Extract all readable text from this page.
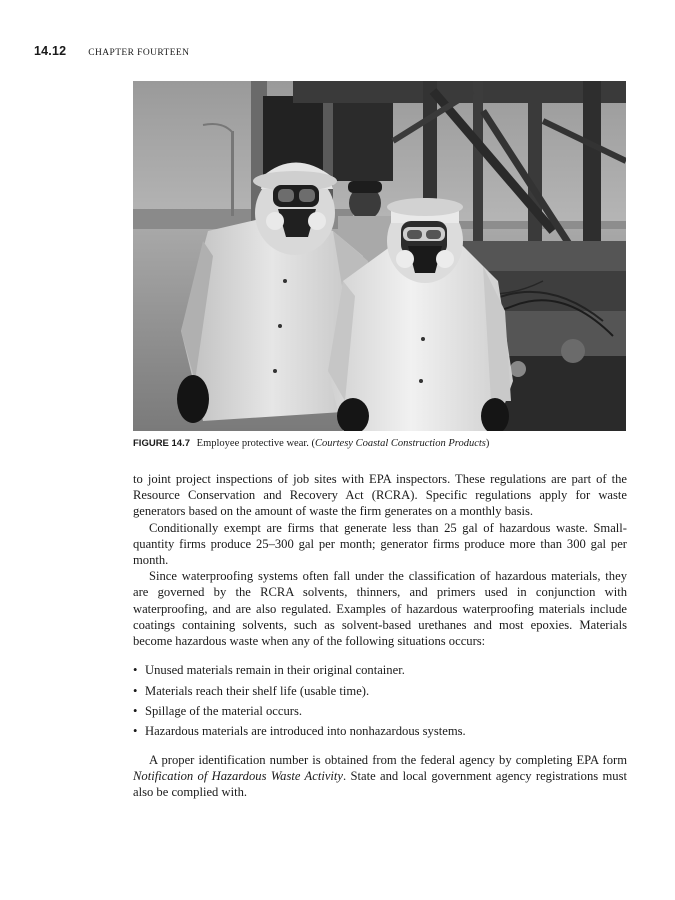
14.12 CHAPTER FOURTEEN
FIGURE 14.7 Employee protective wear. (Courtesy Coastal Construction Products)

to joint project inspections of job sites with EPA inspectors. These regulations are part of the Resource Conservation and Recovery Act (RCRA). Specific regulations apply for waste generators based on the amount of waste the firm generates on a monthly basis.

Conditionally exempt are firms that generate less than 25 gal of hazardous waste. Small-quantity firms produce 25–300 gal per month; generator firms produce more than 300 gal per month.

Since waterproofing systems often fall under the classification of hazardous materials, they are governed by the RCRA solvents, thinners, and primers used in conjunction with waterproofing, and are also regulated. Examples of hazardous waterproofing materials include coatings containing solvents, such as solvent-based urethanes and most epoxies. Materials become hazardous waste when any of the following situations occurs:

• Unused materials remain in their original container.
• Materials reach their shelf life (usable time).
• Spillage of the material occurs.
• Hazardous materials are introduced into nonhazardous systems.

A proper identification number is obtained from the federal agency by completing EPA form Notification of Hazardous Waste Activity. State and local government agency registrations must also be complied with.
